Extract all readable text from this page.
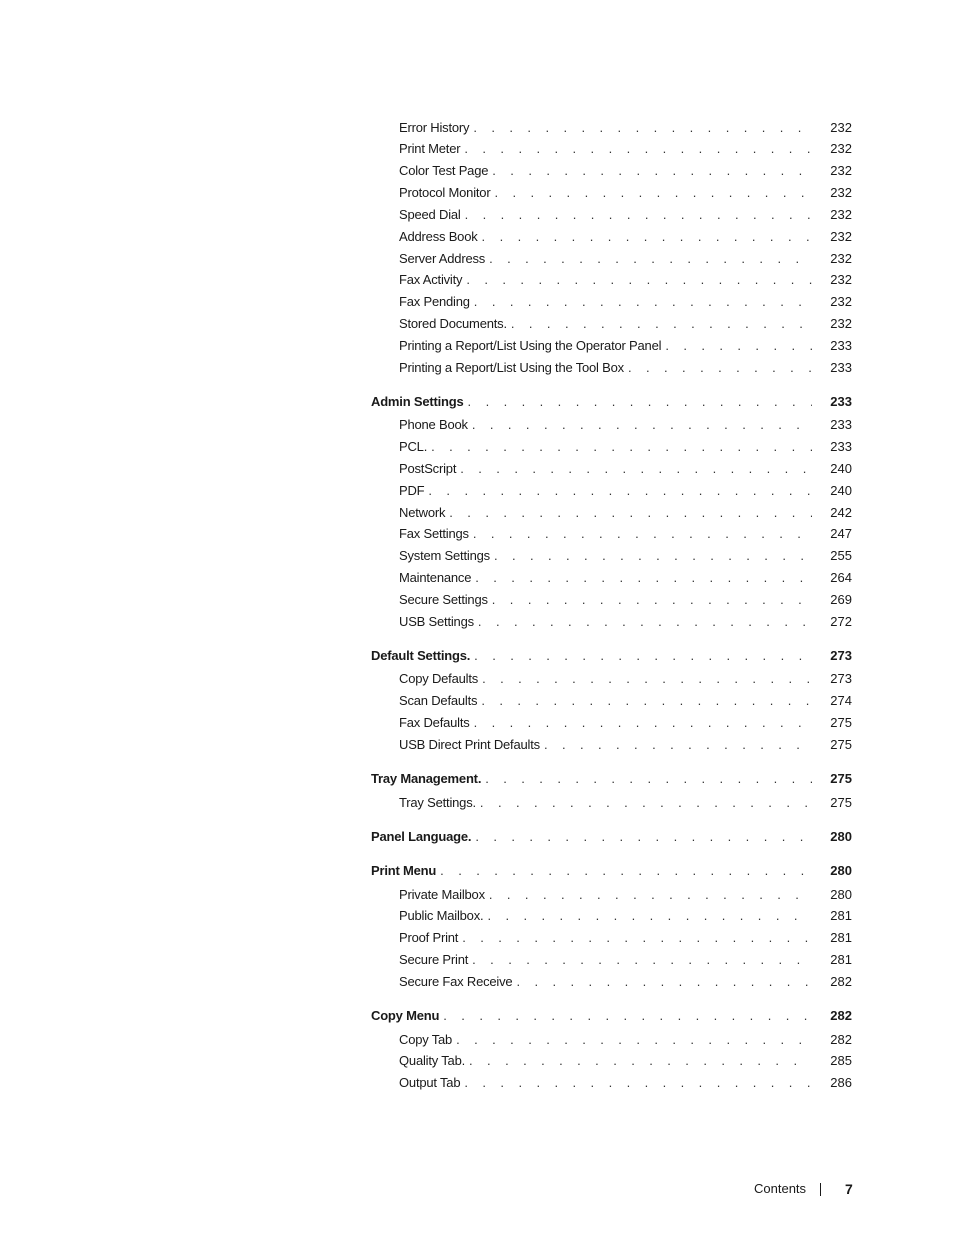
Error History . . .	232
Print Meter . . .	232
Color Test Page . . .	232
Protocol Monitor . . .	232
Speed Dial . . .	232
Address Book . . .	232
Server Address . . .	232
Fax Activity . . .	232
Fax Pending . . .	232
Stored Documents. . . .	232
Printing a Report/List Using the Operator Panel . . .	233
Printing a Report/List Using the Tool Box . . .	233
Admin Settings . . .	233
Phone Book . . .	233
PCL. . . .	233
PostScript . . .	240
PDF . . .	240
Network . . .	242
Fax Settings . . .	247
System Settings . . .	255
Maintenance . . .	264
Secure Settings . . .	269
USB Settings . . .	272
Default Settings. . . .	273
Copy Defaults . . .	273
Scan Defaults . . .	274
Fax Defaults . . .	275
USB Direct Print Defaults . . .	275
Tray Management. . . .	275
Tray Settings. . . .	275
Panel Language. . . .	280
Print Menu . . .	280
Private Mailbox . . .	280
Public Mailbox. . . .	281
Proof Print . . .	281
Secure Print . . .	281
Secure Fax Receive . . .	282
Copy Menu . . .	282
Copy Tab . . .	282
Quality Tab. . . .	285
Output Tab . . .	286
Contents	7
